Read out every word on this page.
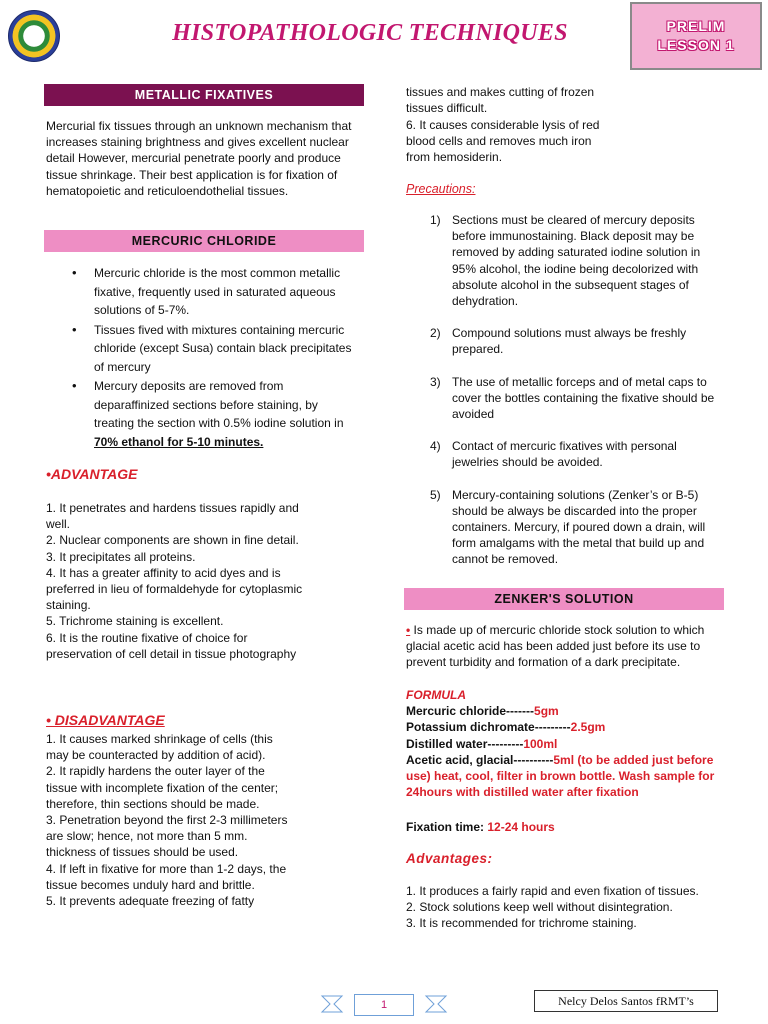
HISTOPATHOLOGIC TECHNIQUES	PRELIM
LESSON 1
METALLIC FIXATIVES
Mercurial fix tissues through an unknown mechanism that increases staining brightness and gives excellent nuclear detail However, mercurial penetrate poorly and produce tissue shrinkage. Their best application is for fixation of hematopoietic and reticuloendothelial tissues.
MERCURIC CHLORIDE
• Mercuric chloride is the most common metallic fixative, frequently used in saturated aqueous solutions of 5-7%.
• Tissues fived with mixtures containing mercuric chloride (except Susa) contain black precipitates of mercury
• Mercury deposits are removed from deparaffinized sections before staining, by treating the section with 0.5% iodine solution in 70% ethanol for 5-10 minutes.
•ADVANTAGE
1. It penetrates and hardens tissues rapidly and well.
2. Nuclear components are shown in fine detail.
3. It precipitates all proteins.
4. It has a greater affinity to acid dyes and is preferred in lieu of formaldehyde for cytoplasmic staining.
5. Trichrome staining is excellent.
6. It is the routine fixative of choice for preservation of cell detail in tissue photography
• DISADVANTAGE
1. It causes marked shrinkage of cells (this may be counteracted by addition of acid).
2. It rapidly hardens the outer layer of the tissue with incomplete fixation of the center; therefore, thin sections should be made.
3. Penetration beyond the first 2-3 millimeters are slow; hence, not more than 5 mm. thickness of tissues should be used.
4. If left in fixative for more than 1-2 days, the tissue becomes unduly hard and brittle.
5. It prevents adequate freezing of fatty
tissues and makes cutting of frozen tissues difficult.
6. It causes considerable lysis of red blood cells and removes much iron from hemosiderin.
Precautions:
1) Sections must be cleared of mercury deposits before immunostaining. Black deposit may be removed by adding saturated iodine solution in 95% alcohol, the iodine being decolorized with absolute alcohol in the subsequent stages of dehydration.
2) Compound solutions must always be freshly prepared.
3) The use of metallic forceps and of metal caps to cover the bottles containing the fixative should be avoided
4) Contact of mercuric fixatives with personal jewelries should be avoided.
5) Mercury-containing solutions (Zenker’s or B-5) should be always be discarded into the proper containers. Mercury, if poured down a drain, will form amalgams with the metal that build up and cannot be removed.
ZENKER'S SOLUTION
• Is made up of mercuric chloride stock solution to which glacial acetic acid has been added just before its use to prevent turbidity and formation of a dark precipitate.
FORMULA
Mercuric chloride-------5gm
Potassium dichromate---------2.5gm
Distilled water---------100ml
Acetic acid, glacial----------5ml (to be added just before use) heat, cool, filter in brown bottle. Wash sample for 24hours with distilled water after fixation
Fixation time: 12-24 hours
Advantages:
1. It produces a fairly rapid and even fixation of tissues.
2. Stock solutions keep well without disintegration.
3. It is recommended for trichrome staining.
1	Nelcy Delos Santos fRMT’s
